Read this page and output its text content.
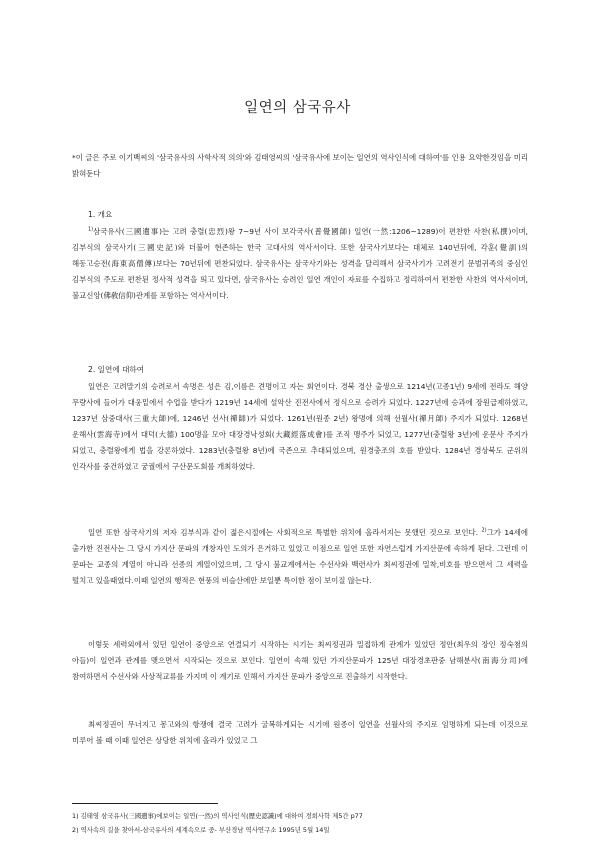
일연의 삼국유사
*이 글은 주로 이기백씨의 '삼국유사의 사학사적 의의'와 김태영씨의 '삼국유사에 보이는 일연의 역사인식에 대하여'를 인용 요약한것임을 미리 밝혀둔다
1. 개요
$^{1)}$삼국유사(三國遺事)는 고려 충렬(忠烈)왕 7~9년 사이 보각국사(普覺國師) 일연(一然:1206~1289)이 편찬한 사찬(私撰)이며, 김부식의 삼국사기(三國史記)와 더불어 현존하는 한국 고대사의 역사서이다. 또한 삼국사기보다는 대체로 140년뒤에, 각훈(覺訓)의 해동고승전(海東高僧傳)보다는 70년뒤에 편찬되었다. 삼국유사는 삼국사기와는 성격을 달리해서 삼국사기가 고려전기 문벌귀족의 중심인 김부식의 주도로 편찬된 정사적 성격을 띄고 있다면, 삼국유사는 승려인 일연 개인이 자료를 수집하고 정리하여서 편찬한 사찬의 역사서이며, 불교신앙(佛敎信仰)관계를 포함하는 역사서이다.
2. 일연에 대하여
일연은 고려말기의 승려로서 속명은 성은 김,이름은 견명이고 자는 회연이다. 경북 경산 출생으로 1214년(고종1년) 9세에 전라도 해양 무량사에 들어가 대웅밑에서 수업을 받다가 1219년 14세에 설악산 진전사에서 정식으로 승려가 되었다. 1227년에 승과에 장원급제하였고, 1237년 삼중대사(三重大師)에, 1246년 선사(禪師)가 되었다. 1261년(원종 2년) 왕명에 의해 선월사(禪月師) 주지가 되었다. 1268년 운해사(雲海寺)에서 대덕(大德) 100명을 모아 대장경낙성회(大藏經落成會)를 조직 맹주가 되었고, 1277년(충렬왕 3년)에 운문사 주지가 되었고, 충렬왕에게 법을 강론하였다. 1283년(충렬왕 8년)에 국존으로 추대되었으며, 원경충조의 호를 받았다. 1284년 경상북도 군위의 인각사를 중건하였고 궁궐에서 구산문도회를 개최하였다.
일연 또한 삼국사기의 저자 김부식과 같이 젊은시절에는 사회적으로 특별한 위치에 올라서지는 못했던 것으로 보인다. $^{2)}$그가 14세에 출가한 진전사는 그 당시 가지산 문파의 개창자인 도의가 은거하고 있었고 이점으로 일연 또한 자연스럽게 가지산문에 속하게 된다. 그런데 이 문파는 교종의 계열이 아니라 선종의 계열이었으며, 그 당시 불교계에서는 수선사와 백련사가 최씨정권에 밀착,비호를 받으면서 그 세력을 떨치고 있을때였다.이때 일연의 행적은 현풍의 비슬산에만 보일뿐 특이한 점이 보이질 않는다.
이렇듯 세력외에서 있던 일연이 중앙으로 연결되기 시작하는 시기는 최씨정권과 밀접하게 관계가 있었던 정안(최우의 장인 정숙첨의 아들)이 일연과 관계를 맺으면서 시작되는 것으로 보인다. 일연이 속해 있던 가지산문파가 125년 대장경초판중 남해분사(南海分司)에 참여하면서 수선사와 사상적교류를 가지며 이 계기로 인해서 가지산 문파가 중앙으로 진출하기 시작한다.
최씨정권이 무너지고 몽고와의 항쟁에 결국 고려가 굴복하게되는 시기에 원종이 일연을 선월사의 주지로 임명하게 되는데 이것으로 미루어 볼 때 이때 일연은 상당한 위치에 올라가 있었고 그
1) 김태영 삼국유사(三國遺事)에보이는 일연(一然)의 역사인식(歷史認識)에 대하여 경희사학 제5간 p77
2) 역사속의 길을 찾아서-삼국유사의 세계속으로 중- 부산경남 역사연구소 1995년 5월 14일
